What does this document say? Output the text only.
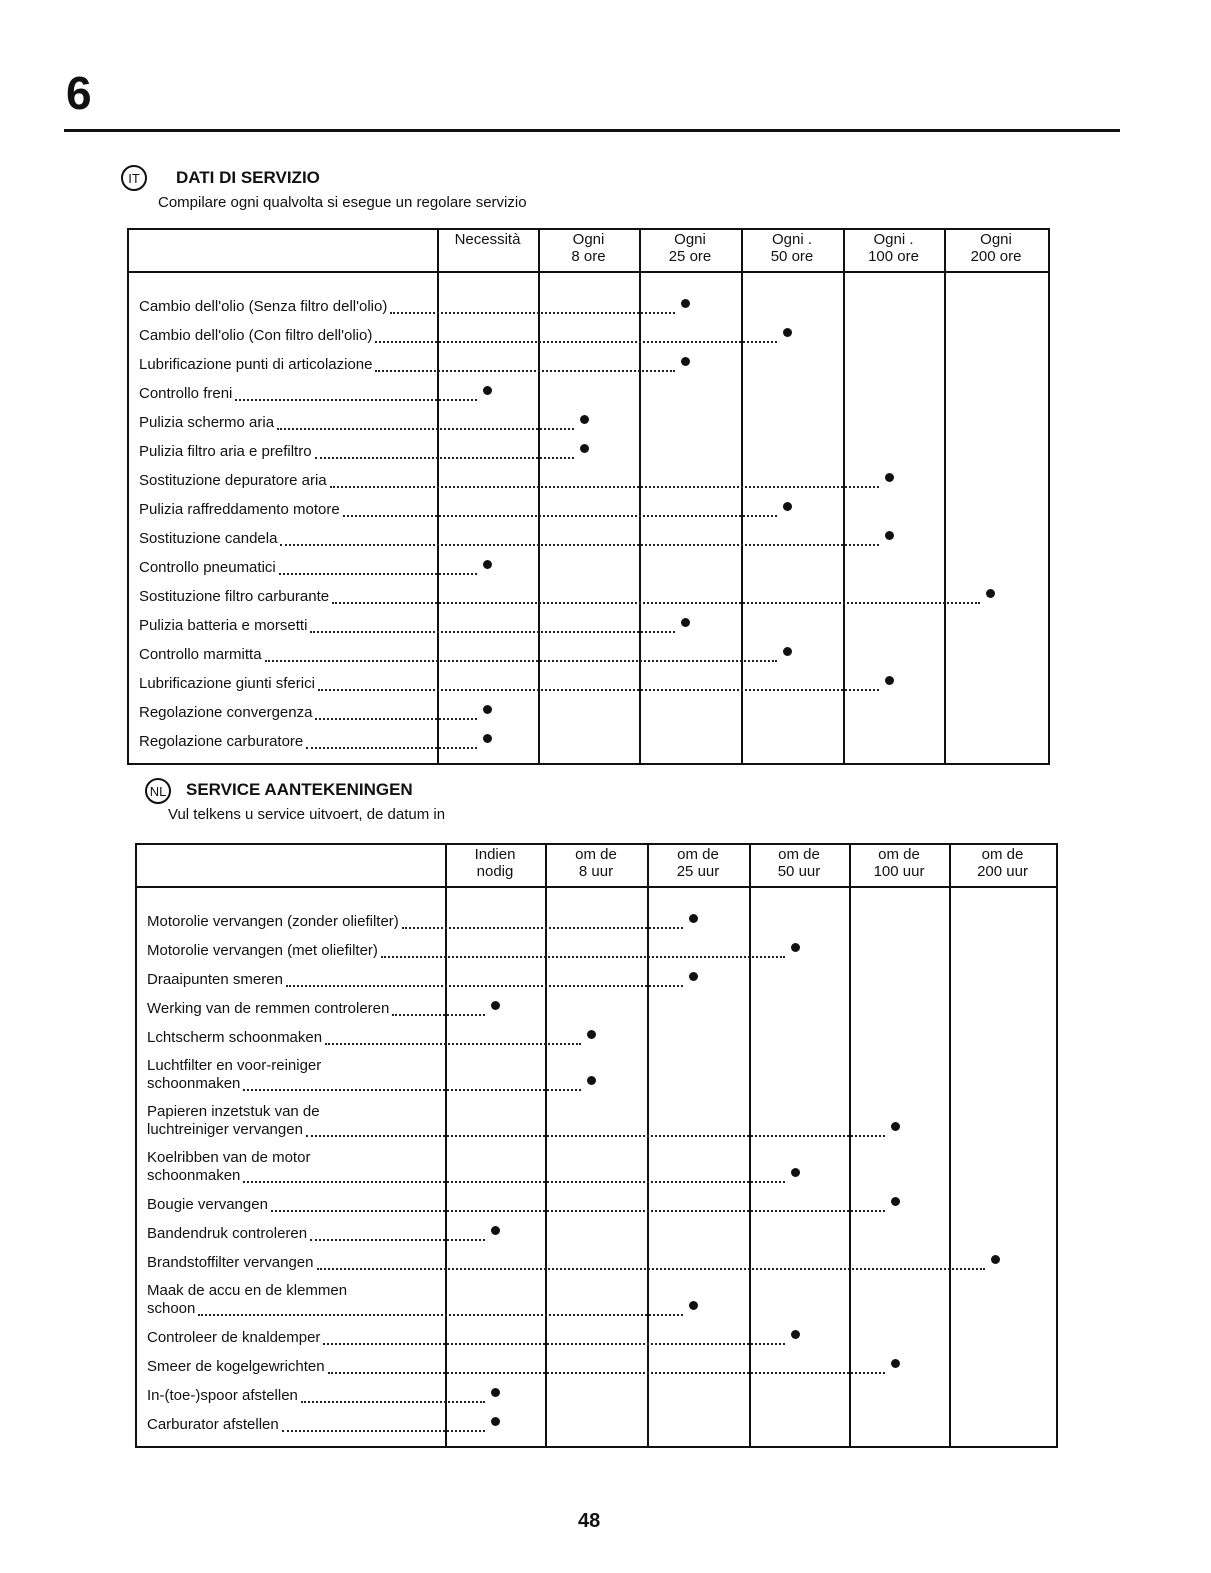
6
IT	DATI DI SERVIZIO
Compilare ogni qualvolta si esegue un regolare servizio
Necessità	Ogni
8 ore
Ogni
25 ore
Ogni .
50 ore
Ogni .
100 ore
Ogni
200 ore
Cambio dell'olio (Senza filtro dell'olio)
Cambio dell'olio (Con filtro dell'olio)
Lubrificazione punti di articolazione
Controllo freni
Pulizia schermo aria
Pulizia filtro aria e prefiltro
Sostituzione depuratore aria
Pulizia raffreddamento motore
Sostituzione candela
Controllo pneumatici
Sostituzione filtro carburante
Pulizia batteria e morsetti
Controllo marmitta
Lubrificazione giunti sferici
Regolazione convergenza
Regolazione carburatore
NL SERVICE AANTEKENINGEN
Vul telkens u service uitvoert, de datum in
Indien
nodig
om de
8 uur
om de
25 uur
om de
50 uur
om de
100 uur
om de
200 uur
Motorolie vervangen (zonder oliefilter)
Motorolie vervangen (met oliefilter)
Draaipunten smeren
Werking van de remmen controleren
Lchtscherm schoonmaken
Luchtfilter en voor-reiniger
schoonmaken
Papieren inzetstuk van de
luchtreiniger vervangen
Koelribben van de motor
schoonmaken
Bougie vervangen
Bandendruk controleren
Brandstoffilter vervangen
Maak de accu en de klemmen
schoon
Controleer de knaldemper
Smeer de kogelgewrichten
In-(toe-)spoor afstellen
Carburator afstellen
48
